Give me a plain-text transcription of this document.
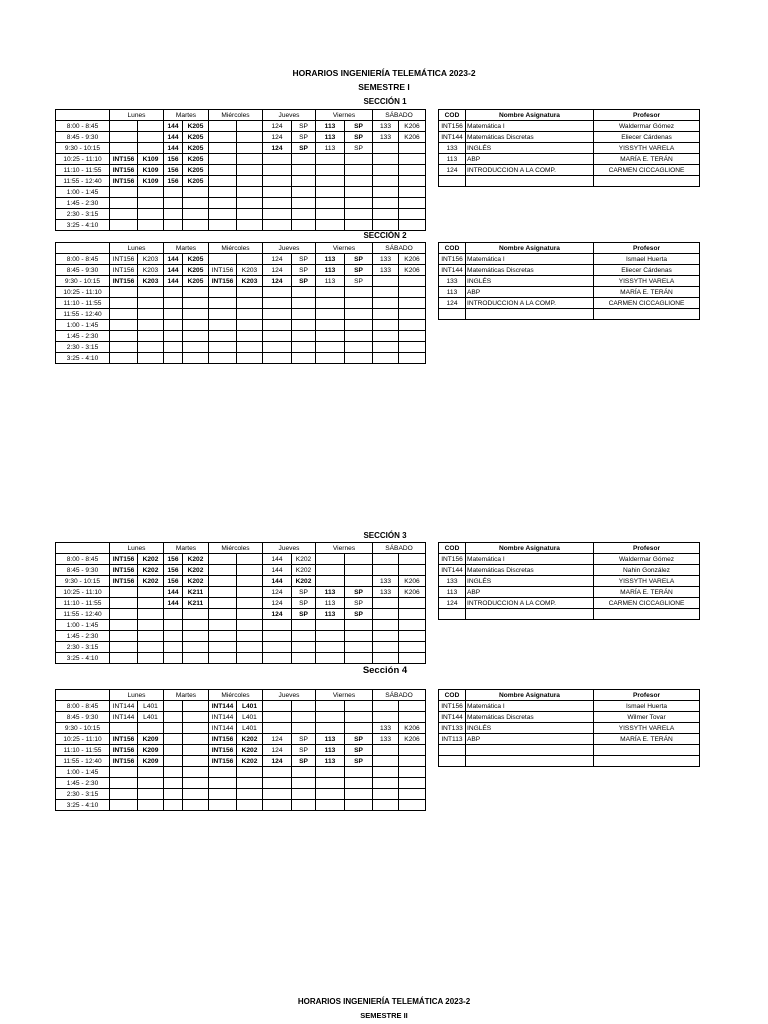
HORARIOS INGENIERÍA TELEMÁTICA 2023-2
SEMESTRE I
SECCIÓN 1
	Lunes		Martes		Miércoles		Jueves		Viernes		SÁBADO	
8:00 - 8:45			144	K205			124	SP	113	SP	133	K206
8:45 - 9:30			144	K205			124	SP	113	SP	133	K206
9:30 - 10:15			144	K205			124	SP	113	SP		
10:25 - 11:10	INT156	K109	156	K205								
11:10 - 11:55	INT156	K109	156	K205								
11:55 - 12:40	INT156	K109	156	K205								
1:00 - 1:45												
1:45 - 2:30												
2:30 - 3:15												
3:25 - 4:10												
COD	Nombre Asignatura	Profesor
INT156	Matemática I	Waldermar Gómez
INT144	Matemáticas Discretas	Eliecer Cárdenas
133	INGLÉS	YISSYTH VARELA
113	ABP	MARÍA E. TERÁN
124	INTRODUCCION A LA COMP.	CARMEN CICCAGLIONE

SECCIÓN 2
	Lunes		Martes		Miércoles		Jueves		Viernes		SÁBADO	
8:00 - 8:45	INT156	K203	144	K205			124	SP	113	SP	133	K206
8:45 - 9:30	INT156	K203	144	K205	INT156	K203	124	SP	113	SP	133	K206
9:30 - 10:15	INT156	K203	144	K205	INT156	K203	124	SP	113	SP		
10:25 - 11:10												
11:10 - 11:55												
11:55 - 12:40												
1:00 - 1:45												
1:45 - 2:30												
2:30 - 3:15												
3:25 - 4:10												
COD	Nombre Asignatura	Profesor
INT156	Matemática I	Ismael Huerta
INT144	Matemáticas Discretas	Eliecer Cárdenas
133	INGLÉS	YISSYTH VARELA
113	ABP	MARÍA E. TERÁN
124	INTRODUCCION A LA COMP.	CARMEN CICCAGLIONE

SECCIÓN 3
	Lunes		Martes		Miércoles		Jueves		Viernes		SÁBADO	
8:00 - 8:45	INT156	K202	156	K202			144	K202				
8:45 - 9:30	INT156	K202	156	K202			144	K202				
9:30 - 10:15	INT156	K202	156	K202			144	K202			133	K206
10:25 - 11:10			144	K211			124	SP	113	SP	133	K206
11:10 - 11:55			144	K211			124	SP	113	SP		
11:55 - 12:40							124	SP	113	SP		
1:00 - 1:45												
1:45 - 2:30												
2:30 - 3:15												
3:25 - 4:10												
COD	Nombre Asignatura	Profesor
INT156	Matemática I	Waldermar Gómez
INT144	Matemáticas Discretas	Nahin González
133	INGLÉS	YISSYTH VARELA
113	ABP	MARÍA E. TERÁN
124	INTRODUCCION A LA COMP.	CARMEN CICCAGLIONE

Sección 4
	Lunes		Martes		Miércoles		Jueves		Viernes		SÁBADO	
8:00 - 8:45	INT144	L401			INT144	L401						
8:45 - 9:30	INT144	L401			INT144	L401						
9:30 - 10:15					INT144	L401					133	K206
10:25 - 11:10	INT156	K209			INT156	K202	124	SP	113	SP	133	K206
11:10 - 11:55	INT156	K209			INT156	K202	124	SP	113	SP		
11:55 - 12:40	INT156	K209			INT156	K202	124	SP	113	SP		
1:00 - 1:45												
1:45 - 2:30												
2:30 - 3:15												
3:25 - 4:10												
COD	Nombre Asignatura	Profesor
INT156	Matemática I	Ismael Huerta
INT144	Matemáticas Discretas	Wilmer Tovar
INT133	INGLÉS	YISSYTH VARELA
INT113	ABP	MARÍA E. TERÁN

HORARIOS INGENIERÍA TELEMÁTICA 2023-2
SEMESTRE II
